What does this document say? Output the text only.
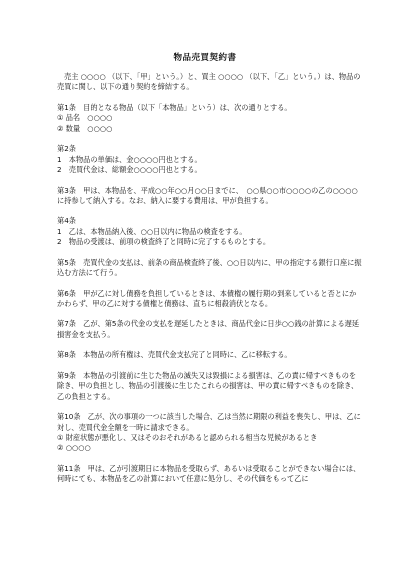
物品売買契約書

売主 ○○○○ （以下、「甲」という。）と、買主 ○○○○ （以下、「乙」という。）は、物品の売買に関し、以下の通り契約を締結する。

第1条　目的となる物品（以下「本物品」という）は、次の通りとする。

① 品名　○○○○

② 数量　○○○○

第2条

1　本物品の単価は、金○○○○円也とする。

2　売買代金は、総額金○○○○円也とする。

第3条　甲は、本物品を、平成○○年○○月○○日までに、　○○県○○市○○○○の乙の○○○○に持参して納入する。なお、納入に要する費用は、甲が負担する。

第4条

1　乙は、本物品納入後、○○日以内に物品の検査をする。

2　物品の受渡は、前項の検査終了と同時に完了するものとする。

第5条　売買代金の支払は、前条の商品検査終了後、○○日以内に、甲の指定する銀行口座に振込む方法にて行う。

第6条　甲が乙に対し債務を負担しているときは、本債権の履行期の到来していると否とにかかわらず、甲の乙に対する債権と債務は、直ちに相殺消伏となる。

第7条　乙が、第5条の代金の支払を遅延したときは、商品代金に日歩○○銭の計算による遅延損害金を支払う。

第8条　本物品の所有権は、売買代金支払完了と同時に、乙に移転する。

第9条　本物品の引渡前に生じた物品の滅失又は毀損による損害は、乙の責に帰すべきものを除き、甲の負担とし、物品の引渡後に生じたこれらの損害は、甲の責に帰すべきものを除き、乙の負担とする。

第10条　乙が、次の事項の一つに該当した場合、乙は当然に期限の利益を喪失し、甲は、乙に対し、売買代金全額を一時に請求できる。

① 財産状態が悪化し、又はそのおそれがあると認められる相当な児候があるとき

② ○○○○

第11条　甲は、乙が引渡期日に本物品を受取らず、あるいは受取ることができない場合には、何時にても、本物品を乙の計算において任意に処分し、その代価をもって乙に
